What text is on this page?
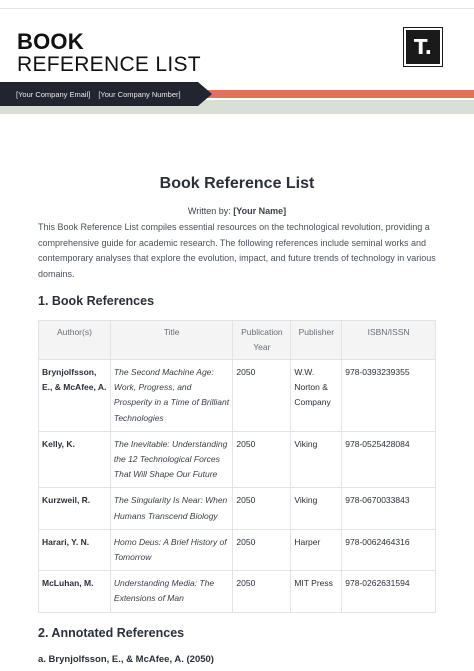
BOOK
REFERENCE LIST
T.
[Your Company Email] [Your Company Number]
Book Reference List
Written by: [Your Name]
This Book Reference List compiles essential resources on the technological revolution, providing a comprehensive guide for academic research. The following references include seminal works and contemporary analyses that explore the evolution, impact, and future trends of technology in various domains.
1. Book References
Author(s)	Title	Publication Year	Publisher	ISBN/ISSN
Brynjolfsson, E., & McAfee, A.	The Second Machine Age: Work, Progress, and Prosperity in a Time of Brilliant Technologies	2050	W.W. Norton & Company	978-0393239355
Kelly, K.	The Inevitable: Understanding the 12 Technological Forces That Will Shape Our Future	2050	Viking	978-0525428084
Kurzweil, R.	The Singularity Is Near: When Humans Transcend Biology	2050	Viking	978-0670033843
Harari, Y. N.	Homo Deus: A Brief History of Tomorrow	2050	Harper	978-0062464316
McLuhan, M.	Understanding Media: The Extensions of Man	2050	MIT Press	978-0262631594
2. Annotated References
a. Brynjolfsson, E., & McAfee, A. (2050)
